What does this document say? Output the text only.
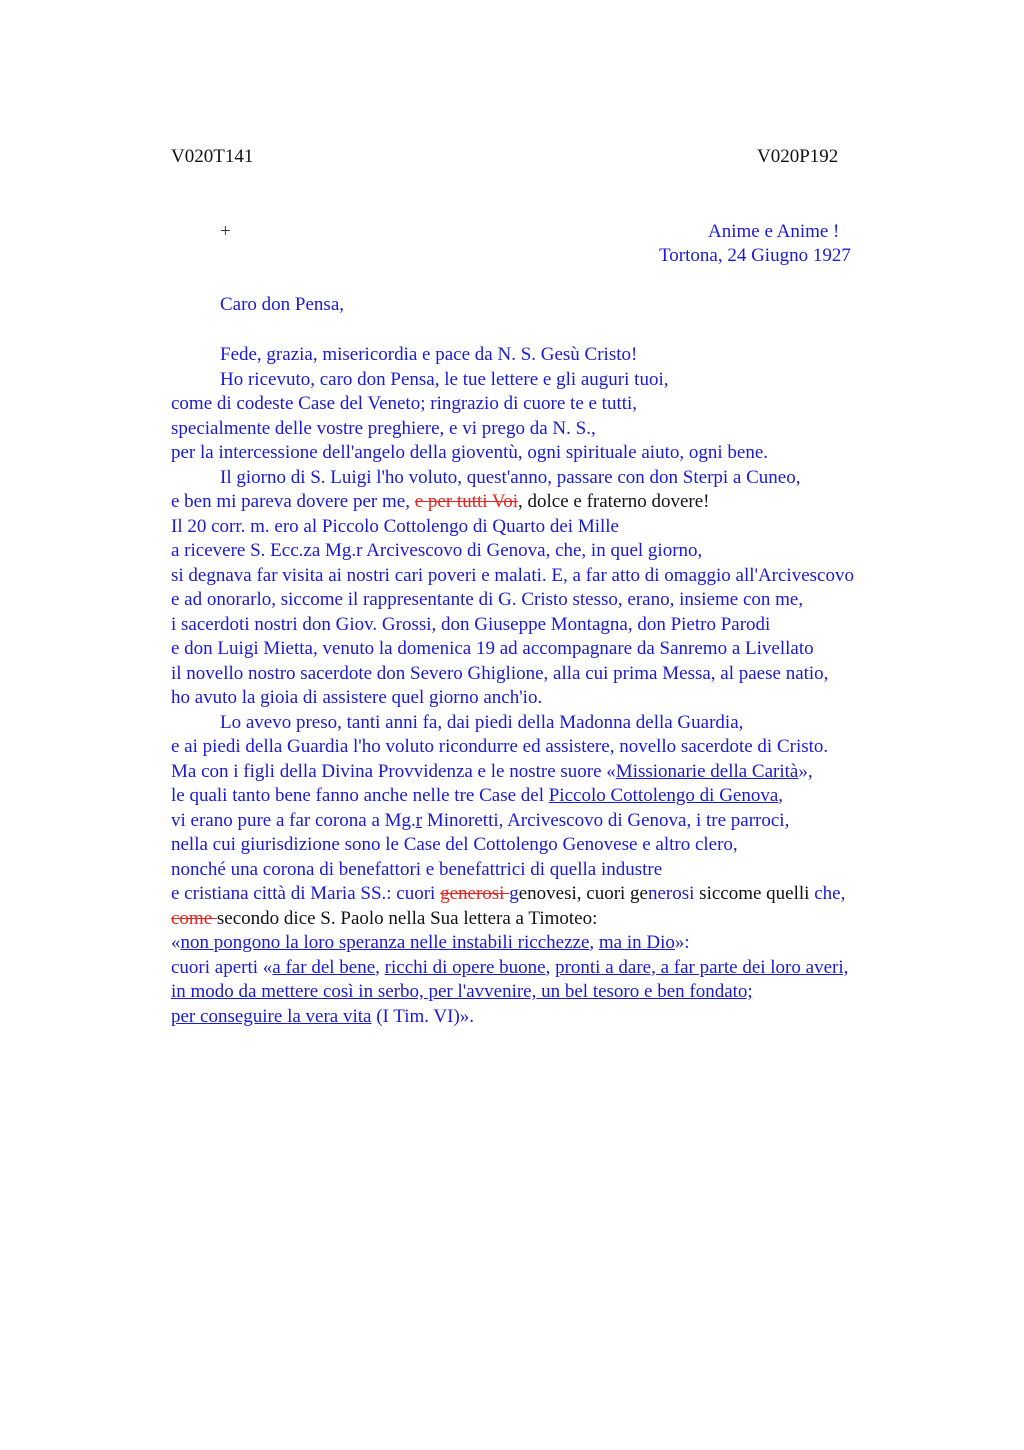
V020T141	V020P192
+	Anime e Anime !
Tortona, 24 Giugno 1927
Caro don Pensa,
Fede, grazia, misericordia e pace da N. S. Gesù Cristo!
Ho ricevuto, caro don Pensa, le tue lettere e gli auguri tuoi,
come di codeste Case del Veneto; ringrazio di cuore te e tutti,
specialmente delle vostre preghiere, e vi prego da N. S.,
per la intercessione dell'angelo della gioventù, ogni spirituale aiuto, ogni bene.
Il giorno di S. Luigi l'ho voluto, quest'anno, passare con don Sterpi a Cuneo,
e ben mi pareva dovere per me, e per tutti Voi, dolce e fraterno dovere!
Il 20 corr. m. ero al Piccolo Cottolengo di Quarto dei Mille
a ricevere S. Ecc.za Mg.r Arcivescovo di Genova, che, in quel giorno,
si degnava far visita ai nostri cari poveri e malati. E, a far atto di omaggio all'Arcivescovo
e ad onorarlo, siccome il rappresentante di G. Cristo stesso, erano, insieme con me,
i sacerdoti nostri don Giov. Grossi, don Giuseppe Montagna, don Pietro Parodi
e don Luigi Mietta, venuto la domenica 19 ad accompagnare da Sanremo a Livellato
il novello nostro sacerdote don Severo Ghiglione, alla cui prima Messa, al paese natio,
ho avuto la gioia di assistere quel giorno anch'io.
Lo avevo preso, tanti anni fa, dai piedi della Madonna della Guardia,
e ai piedi della Guardia l'ho voluto ricondurre ed assistere, novello sacerdote di Cristo.
Ma con i figli della Divina Provvidenza e le nostre suore «Missionarie della Carità»,
le quali tanto bene fanno anche nelle tre Case del Piccolo Cottolengo di Genova,
vi erano pure a far corona a Mg.r Minoretti, Arcivescovo di Genova, i tre parroci,
nella cui giurisdizione sono le Case del Cottolengo Genovese e altro clero,
nonché una corona di benefattori e benefattrici di quella industre
e cristiana città di Maria SS.: cuori generosi genovesi, cuori generosi siccome quelli che,
come secondo dice S. Paolo nella Sua lettera a Timoteo:
«non pongono la loro speranza nelle instabili ricchezze, ma in Dio»:
cuori aperti «a far del bene, ricchi di opere buone, pronti a dare, a far parte dei loro averi,
in modo da mettere così in serbo, per l'avvenire, un bel tesoro e ben fondato;
per conseguire la vera vita (I Tim. VI)».
